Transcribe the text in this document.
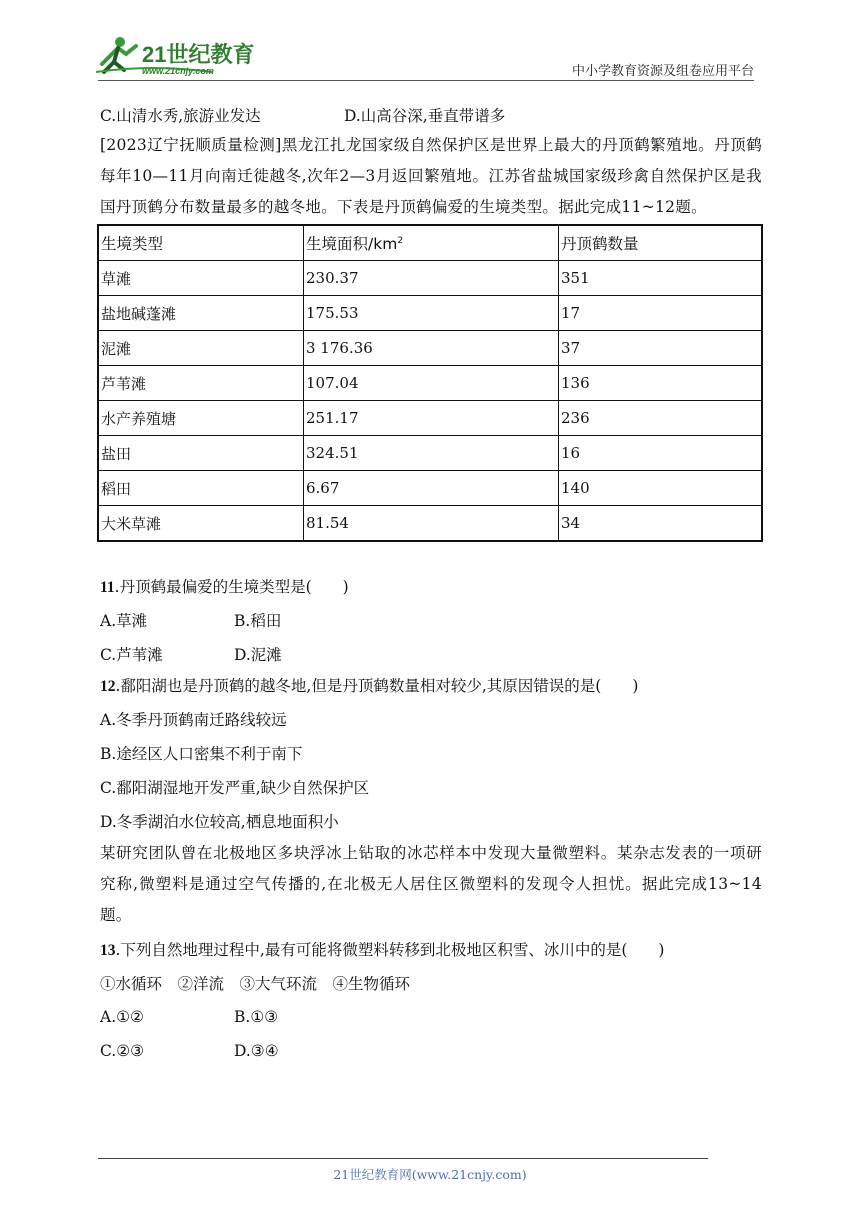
21世纪教育
www.21cnjy.com	中小学教育资源及组卷应用平台
C.山清水秀,旅游业发达	D.山高谷深,垂直带谱多

[2023辽宁抚顺质量检测]黑龙江扎龙国家级自然保护区是世界上最大的丹顶鹤繁殖地。丹顶鹤每年10—11月向南迁徙越冬,次年2—3月返回繁殖地。江苏省盐城国家级珍禽自然保护区是我国丹顶鹤分布数量最多的越冬地。下表是丹顶鹤偏爱的生境类型。据此完成11~12题。

生境类型	生境面积$/km^2$	丹顶鹤数量
草滩	230.37	351
盐地碱蓬滩	175.53	17
泥滩	3 176.36	37
芦苇滩	107.04	136
水产养殖塘	251.17	236
盐田	324.51	16
稻田	6.67	140
大米草滩	81.54	34
11.丹顶鹤最偏爱的生境类型是(　　)
A.草滩	B.稻田
C.芦苇滩	D.泥滩
12.鄱阳湖也是丹顶鹤的越冬地,但是丹顶鹤数量相对较少,其原因错误的是(　　)
A.冬季丹顶鹤南迁路线较远
B.途经区人口密集不利于南下
C.鄱阳湖湿地开发严重,缺少自然保护区
D.冬季湖泊水位较高,栖息地面积小

某研究团队曾在北极地区多块浮冰上钻取的冰芯样本中发现大量微塑料。某杂志发表的一项研究称,微塑料是通过空气传播的,在北极无人居住区微塑料的发现令人担忧。据此完成13~14题。

13.下列自然地理过程中,最有可能将微塑料转移到北极地区积雪、冰川中的是(　　)
①水循环　②洋流　③大气环流　④生物循环
A.①②	B.①③
C.②③	D.③④
21世纪教育网(www.21cnjy.com)
